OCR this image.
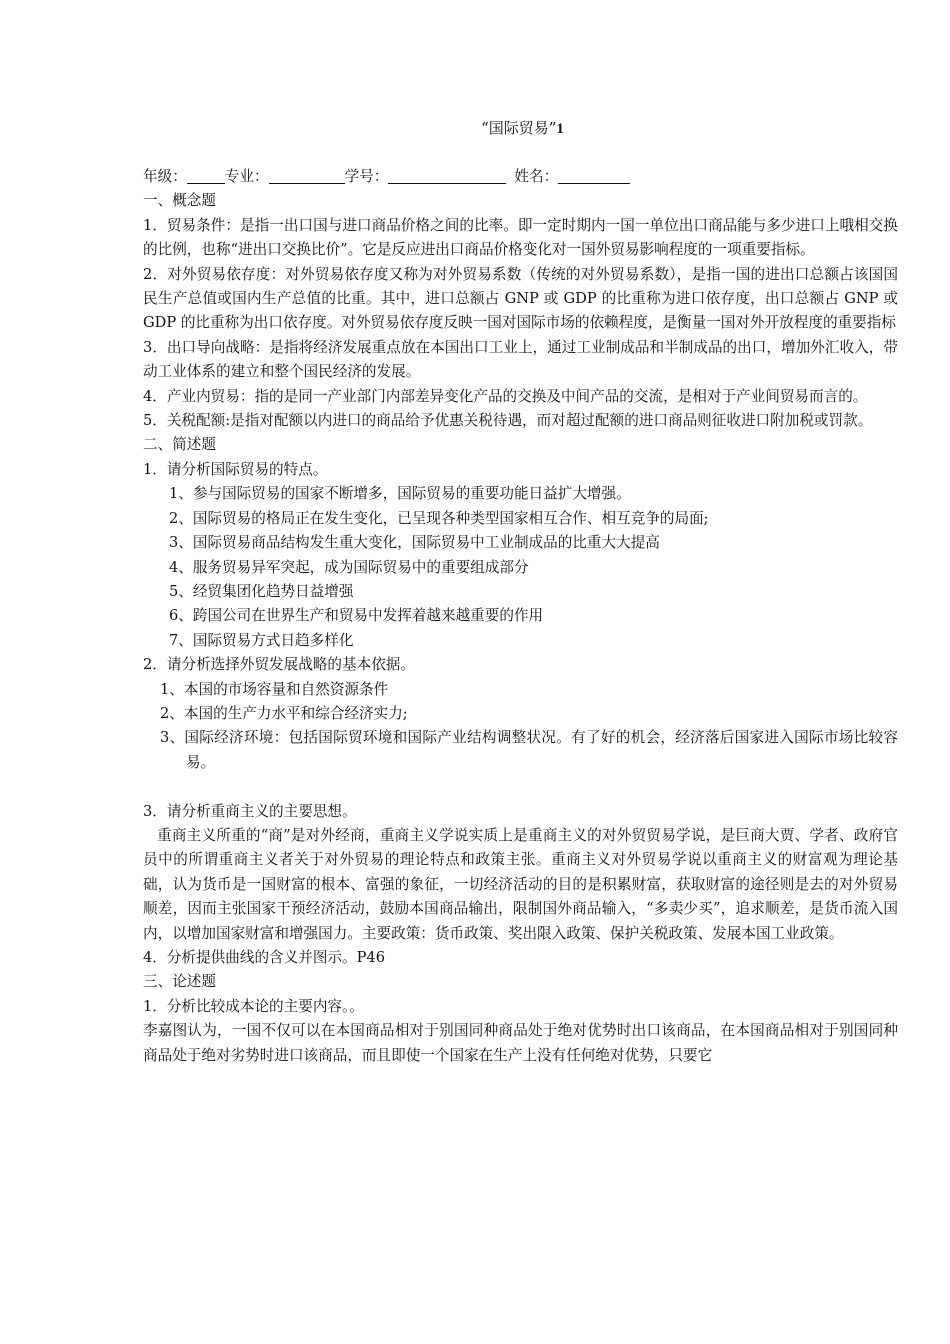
“国际贸易”1
年级：	专业：	学号：	姓名：
一、概念题
1．贸易条件：是指一出口国与进口商品价格之间的比率。即一定时期内一国一单位出口商品能与多少进口上哦相交换的比例，也称“进出口交换比价”。它是反应进出口商品价格变化对一国外贸易影响程度的一项重要指标。
2．对外贸易依存度：对外贸易依存度又称为对外贸易系数（传统的对外贸易系数），是指一国的进出口总额占该国国民生产总值或国内生产总值的比重。其中，进口总额占 GNP 或 GDP 的比重称为进口依存度，出口总额占 GNP 或 GDP 的比重称为出口依存度。对外贸易依存度反映一国对国际市场的依赖程度，是衡量一国对外开放程度的重要指标
3．出口导向战略：是指将经济发展重点放在本国出口工业上，通过工业制成品和半制成品的出口，增加外汇收入，带动工业体系的建立和整个国民经济的发展。
4．产业内贸易：指的是同一产业部门内部差异变化产品的交换及中间产品的交流，是相对于产业间贸易而言的。
5．关税配额:是指对配额以内进口的商品给予优惠关税待遇，而对超过配额的进口商品则征收进口附加税或罚款。
二、简述题
1．请分析国际贸易的特点。
1、参与国际贸易的国家不断增多，国际贸易的重要功能日益扩大增强。
2、国际贸易的格局正在发生变化，已呈现各种类型国家相互合作、相互竞争的局面;
3、国际贸易商品结构发生重大变化，国际贸易中工业制成品的比重大大提高
4、服务贸易异军突起，成为国际贸易中的重要组成部分
5、经贸集团化趋势日益增强
6、跨国公司在世界生产和贸易中发挥着越来越重要的作用
7、国际贸易方式日趋多样化
2．请分析选择外贸发展战略的基本依据。
1、本国的市场容量和自然资源条件
2、本国的生产力水平和综合经济实力;
3、国际经济环境：包括国际贸环境和国际产业结构调整状况。有了好的机会，经济落后国家进入国际市场比较容易。
3．请分析重商主义的主要思想。
重商主义所重的“商”是对外经商，重商主义学说实质上是重商主义的对外贸贸易学说，是巨商大贾、学者、政府官员中的所谓重商主义者关于对外贸易的理论特点和政策主张。重商主义对外贸易学说以重商主义的财富观为理论基础，认为货币是一国财富的根本、富强的象征，一切经济活动的目的是积累财富，获取财富的途径则是去的对外贸易顺差，因而主张国家干预经济活动，鼓励本国商品输出，限制国外商品输入，“多卖少买”，追求顺差，是货币流入国内，以增加国家财富和增强国力。主要政策：货币政策、奖出限入政策、保护关税政策、发展本国工业政策。
4．分析提供曲线的含义并图示。P46
三、论述题
1．分析比较成本论的主要内容。。
李嘉图认为，一国不仅可以在本国商品相对于别国同种商品处于绝对优势时出口该商品，在本国商品相对于别国同种商品处于绝对劣势时进口该商品，而且即使一个国家在生产上没有任何绝对优势，只要它
